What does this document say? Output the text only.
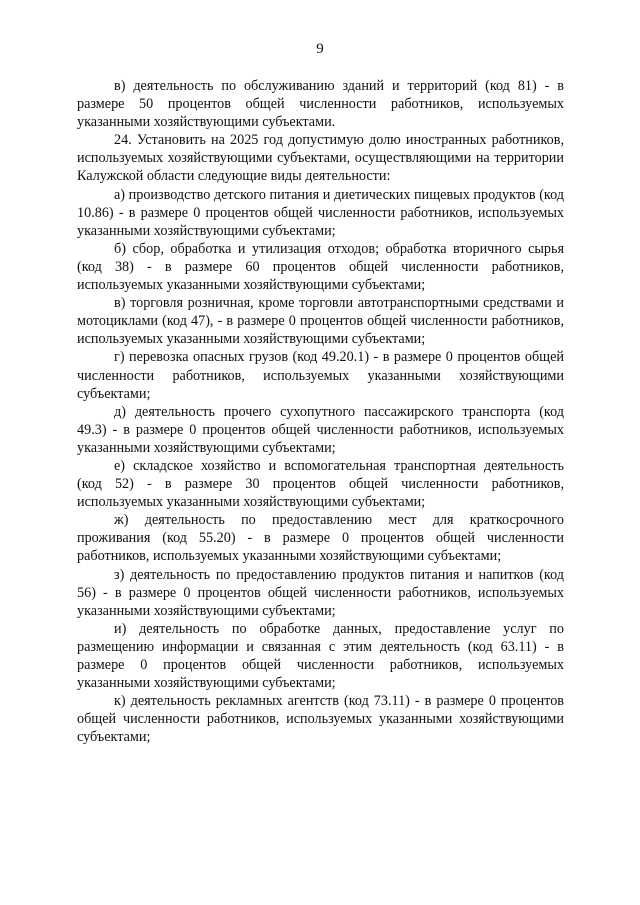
9

в) деятельность по обслуживанию зданий и территорий (код 81) - в размере 50 процентов общей численности работников, используемых указанными хозяйствующими субъектами.

24. Установить на 2025 год допустимую долю иностранных работников, используемых хозяйствующими субъектами, осуществляющими на территории Калужской области следующие виды деятельности:

а) производство детского питания и диетических пищевых продуктов (код 10.86) - в размере 0 процентов общей численности работников, используемых указанными хозяйствующими субъектами;

б) сбор, обработка и утилизация отходов; обработка вторичного сырья (код 38) - в размере 60 процентов общей численности работников, используемых указанными хозяйствующими субъектами;

в) торговля розничная, кроме торговли автотранспортными средствами и мотоциклами (код 47), - в размере 0 процентов общей численности работников, используемых указанными хозяйствующими субъектами;

г) перевозка опасных грузов (код 49.20.1) - в размере 0 процентов общей численности работников, используемых указанными хозяйствующими субъектами;

д) деятельность прочего сухопутного пассажирского транспорта (код 49.3) - в размере 0 процентов общей численности работников, используемых указанными хозяйствующими субъектами;

е) складское хозяйство и вспомогательная транспортная деятельность (код 52) - в размере 30 процентов общей численности работников, используемых указанными хозяйствующими субъектами;

ж) деятельность по предоставлению мест для краткосрочного проживания (код 55.20) - в размере 0 процентов общей численности работников, используемых указанными хозяйствующими субъектами;

з) деятельность по предоставлению продуктов питания и напитков (код 56) - в размере 0 процентов общей численности работников, используемых указанными хозяйствующими субъектами;

и) деятельность по обработке данных, предоставление услуг по размещению информации и связанная с этим деятельность (код 63.11) - в размере 0 процентов общей численности работников, используемых указанными хозяйствующими субъектами;

к) деятельность рекламных агентств (код 73.11) - в размере 0 процентов общей численности работников, используемых указанными хозяйствующими субъектами;
